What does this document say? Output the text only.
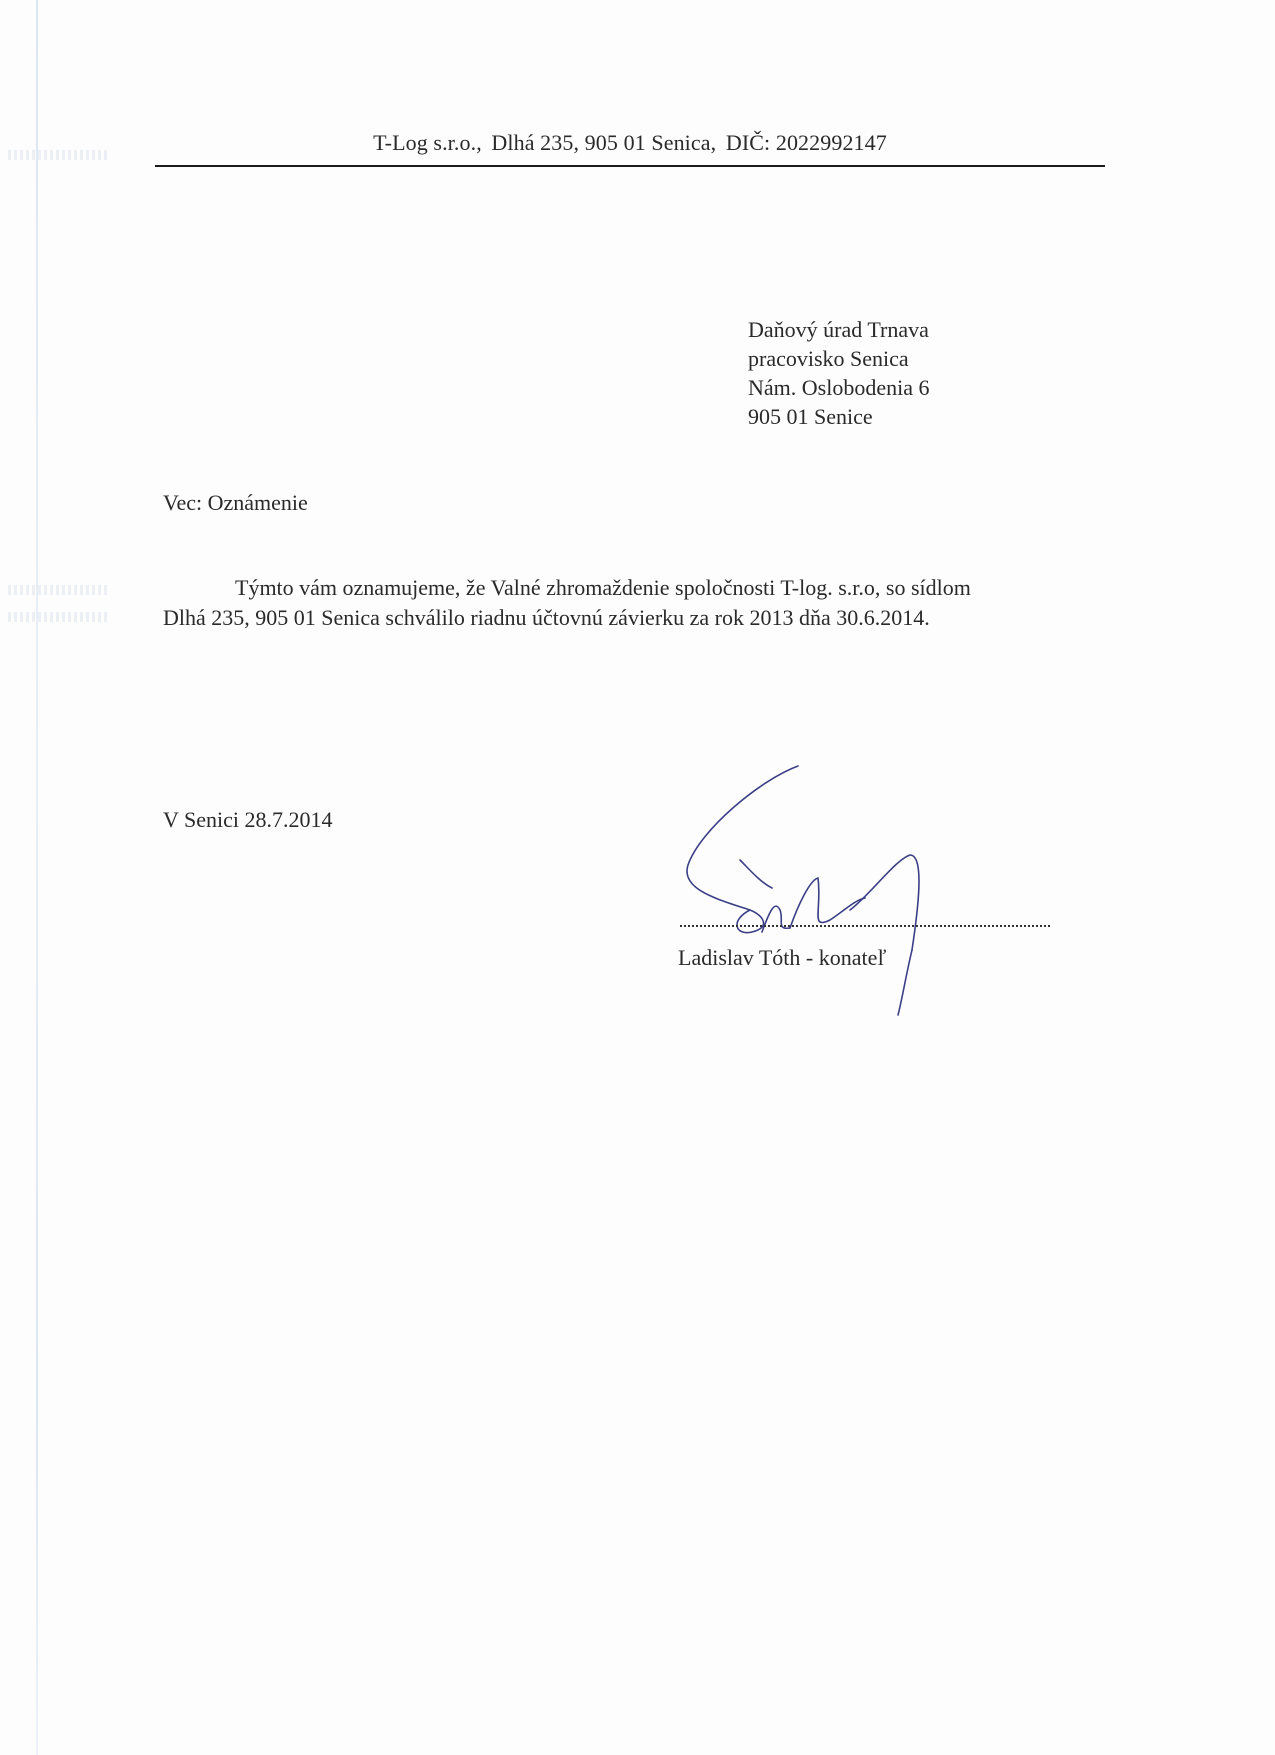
T-Log s.r.o., Dlhá 235, 905 01 Senica, DIČ: 2022992147
Daňový úrad Trnava
pracovisko Senica
Nám. Oslobodenia 6
905 01 Senice
Vec: Oznámenie
Týmto vám oznamujeme, že Valné zhromaždenie spoločnosti T-log. s.r.o, so sídlom
Dlhá 235, 905 01 Senica schválilo riadnu účtovnú závierku za rok 2013 dňa 30.6.2014.
V Senici 28.7.2014
Ladislav Tóth - konateľ
